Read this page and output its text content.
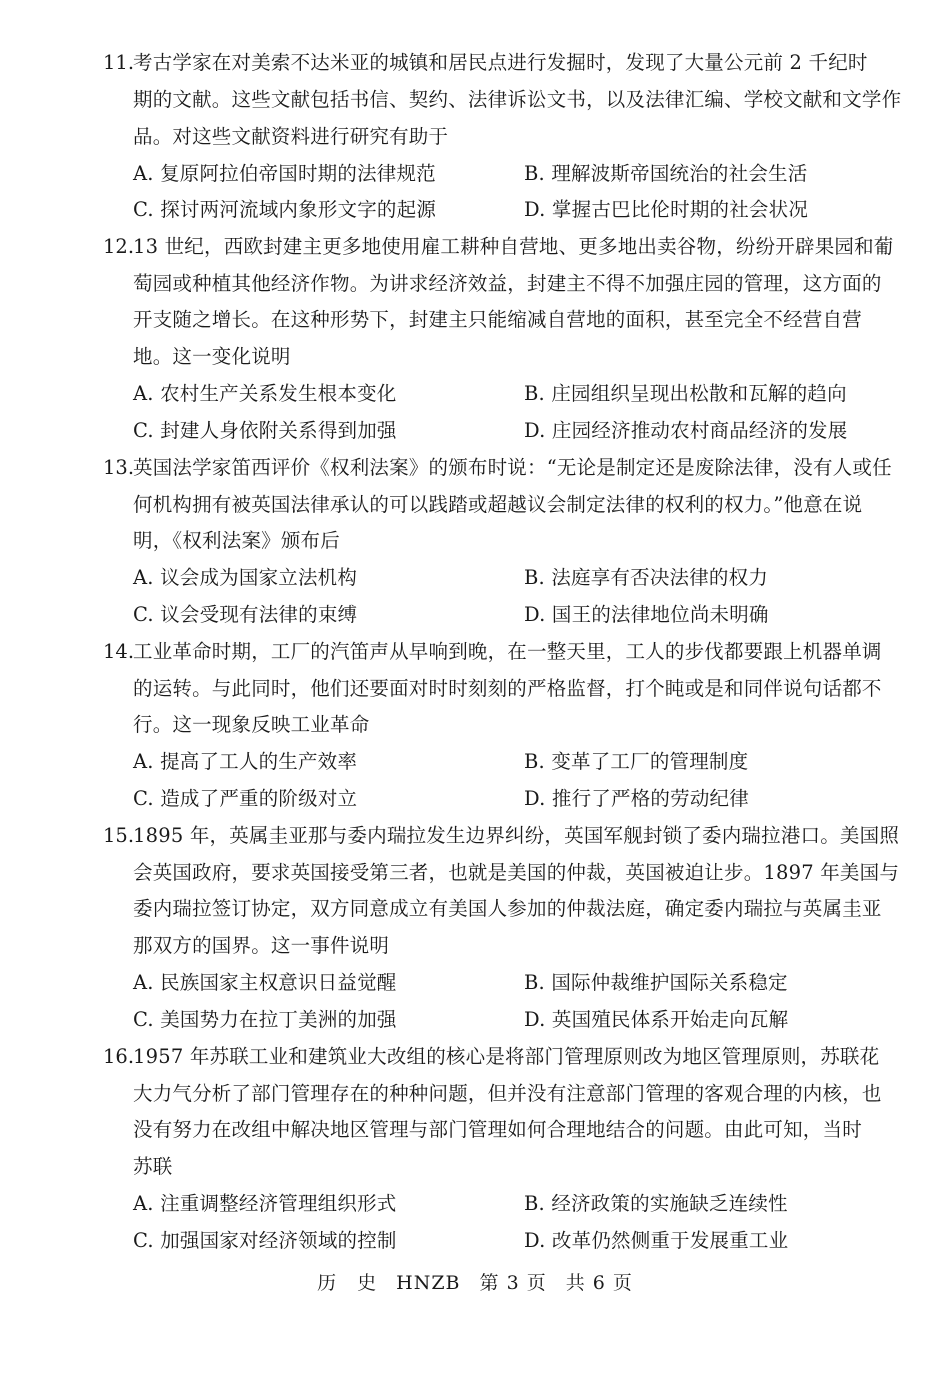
11.
考古学家在对美索不达米亚的城镇和居民点进行发掘时，发现了大量公元前 2 千纪时
期的文献。这些文献包括书信、契约、法律诉讼文书，以及法律汇编、学校文献和文学作
品。对这些文献资料进行研究有助于
A. 复原阿拉伯帝国时期的法律规范	B. 理解波斯帝国统治的社会生活
C. 探讨两河流域内象形文字的起源	D. 掌握古巴比伦时期的社会状况
12.
13 世纪，西欧封建主更多地使用雇工耕种自营地、更多地出卖谷物，纷纷开辟果园和葡
萄园或种植其他经济作物。为讲求经济效益，封建主不得不加强庄园的管理，这方面的
开支随之增长。在这种形势下，封建主只能缩减自营地的面积，甚至完全不经营自营
地。这一变化说明
A. 农村生产关系发生根本变化	B. 庄园组织呈现出松散和瓦解的趋向
C. 封建人身依附关系得到加强	D. 庄园经济推动农村商品经济的发展
13.
英国法学家笛西评价《权利法案》的颁布时说：“无论是制定还是废除法律，没有人或任
何机构拥有被英国法律承认的可以践踏或超越议会制定法律的权利的权力。”他意在说
明，《权利法案》颁布后
A. 议会成为国家立法机构	B. 法庭享有否决法律的权力
C. 议会受现有法律的束缚	D. 国王的法律地位尚未明确
14.
工业革命时期，工厂的汽笛声从早响到晚，在一整天里，工人的步伐都要跟上机器单调
的运转。与此同时，他们还要面对时时刻刻的严格监督，打个盹或是和同伴说句话都不
行。这一现象反映工业革命
A. 提高了工人的生产效率	B. 变革了工厂的管理制度
C. 造成了严重的阶级对立	D. 推行了严格的劳动纪律
15.
1895 年，英属圭亚那与委内瑞拉发生边界纠纷，英国军舰封锁了委内瑞拉港口。美国照
会英国政府，要求英国接受第三者，也就是美国的仲裁，英国被迫让步。1897 年美国与
委内瑞拉签订协定，双方同意成立有美国人参加的仲裁法庭，确定委内瑞拉与英属圭亚
那双方的国界。这一事件说明
A. 民族国家主权意识日益觉醒	B. 国际仲裁维护国际关系稳定
C. 美国势力在拉丁美洲的加强	D. 英国殖民体系开始走向瓦解
16.
1957 年苏联工业和建筑业大改组的核心是将部门管理原则改为地区管理原则，苏联花
大力气分析了部门管理存在的种种问题，但并没有注意部门管理的客观合理的内核，也
没有努力在改组中解决地区管理与部门管理如何合理地结合的问题。由此可知，当时
苏联
A. 注重调整经济管理组织形式	B. 经济政策的实施缺乏连续性
C. 加强国家对经济领域的控制	D. 改革仍然侧重于发展重工业
历　史 HNZB 第 3 页 共 6 页
